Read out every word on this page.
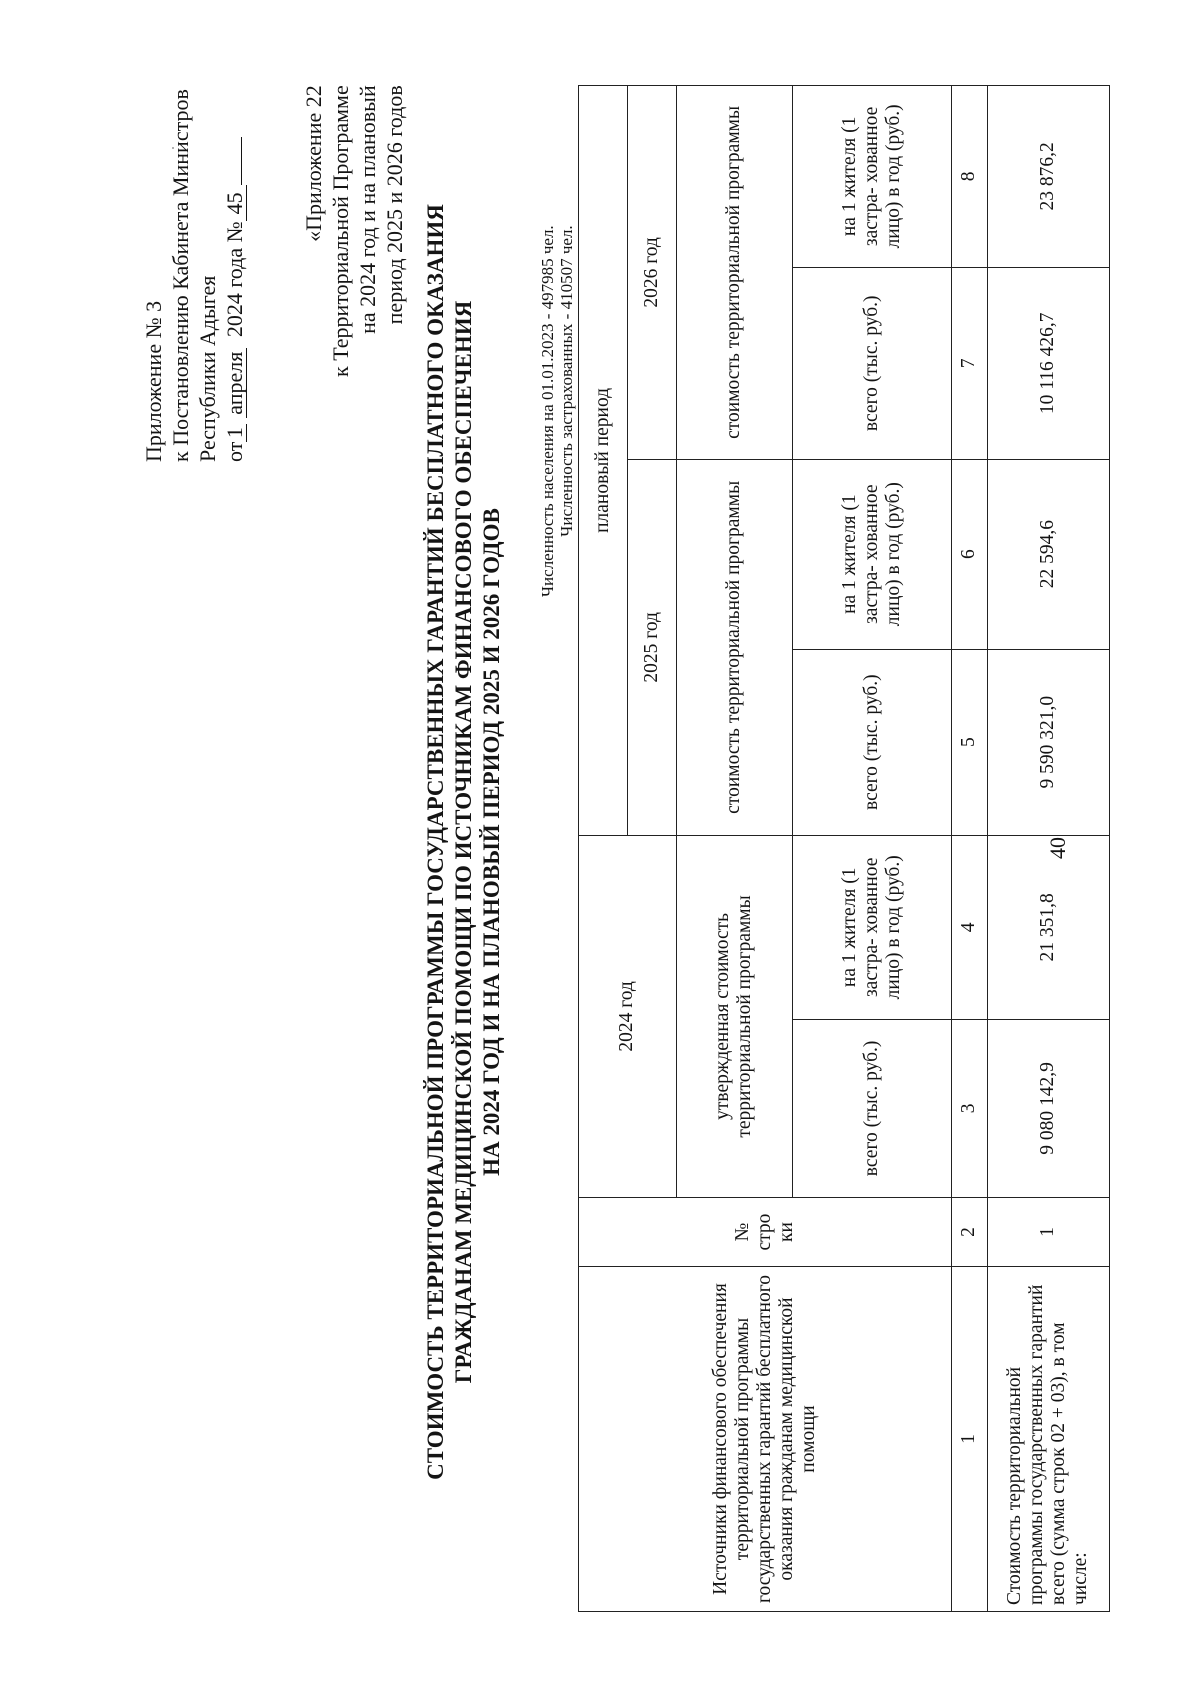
Приложение № 3 к Постановлению Кабинета Министров Республики Адыгея от1 апреля  2024 года №45 «Приложение 22 к Территориальной Программе на 2024 год и на плановый период 2025 и 2026 годов СТОИМОСТЬ ТЕРРИТОРИАЛЬНОЙ ПРОГРАММЫ ГОСУДАРСТВЕННЫХ ГАРАНТИЙ БЕСПЛАТНОГО ОКАЗАНИЯ ГРАЖДАНАМ МЕДИЦИНСКОЙ ПОМОЩИ ПО ИСТОЧНИКАМ ФИНАНСОВОГО ОБЕСПЕЧЕНИЯ НА 2024 ГОД И НА ПЛАНОВЫЙ ПЕРИОД 2025 И 2026 ГОДОВ
Численность населения на 01.01.2023 - 497985 чел. Численность застрахованных - 410507 чел.
Источники финансового обеспечения территориальной программы государственных гарантий бесплатного оказания гражданам медицинской помощи	№ стро ки	2024 год		плановый период			
				2025 год		2026 год	
		утвержденная стоимость территориальной программы		стоимость территориальной программы		стоимость территориальной программы	
		всего (тыс. руб.)	на 1 жителя (1 застра- хованное лицо) в год (руб.)	всего (тыс. руб.)	на 1 жителя (1 застра- хованное лицо) в год (руб.)	всего (тыс. руб.)	на 1 жителя (1 застра- хованное лицо) в год (руб.)
1	2	3	4	5	6	7	8
Стоимость территориальной программы государственных гарантий всего (сумма строк 02 + 03), в том числе:	1	9 080 142,9	21 351,8	9 590 321,0	22 594,6	10 116 426,7	23 876,2
40
